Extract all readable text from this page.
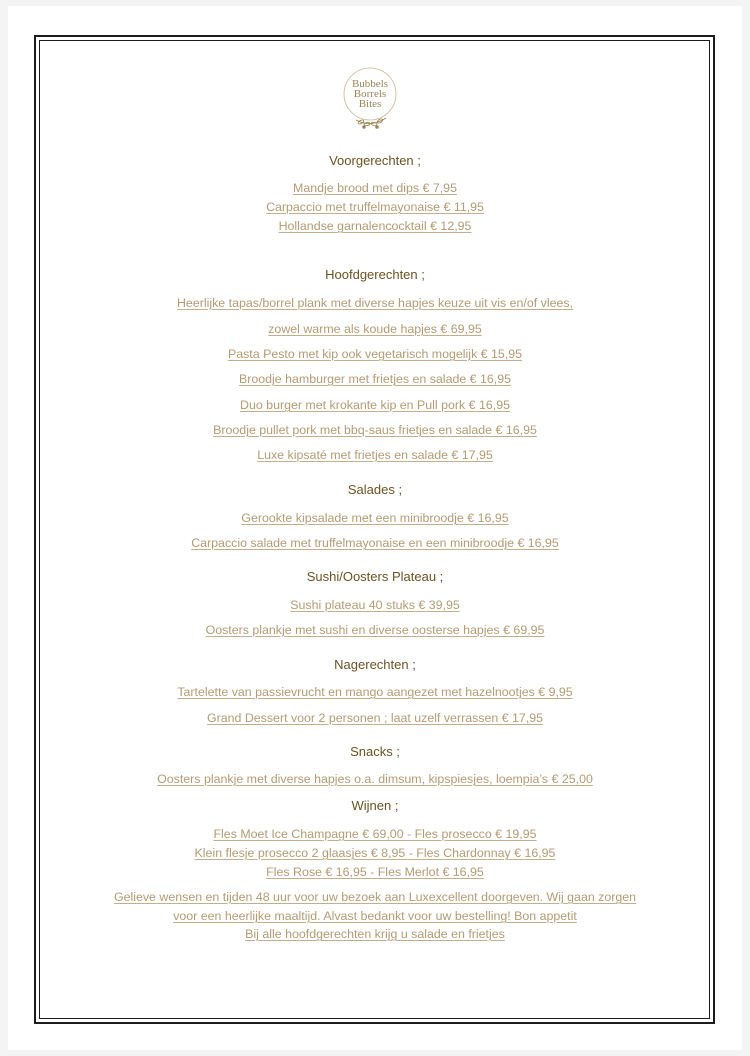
Bubbels
Borrels
Bites
Voorgerechten ;
Mandje brood met dips € 7,95
Carpaccio met truffelmayonaise € 11,95
Hollandse garnalencocktail € 12,95
Hoofdgerechten ;
Heerlijke tapas/borrel plank met diverse hapjes keuze uit vis en/of vlees,
zowel warme als koude hapjes € 69,95
Pasta Pesto met kip ook vegetarisch mogelijk € 15,95
Broodje hamburger met frietjes en salade € 16,95
Duo burger met krokante kip en Pull pork € 16,95
Broodje pullet pork met bbq-saus frietjes en salade € 16,95
Luxe kipsaté met frietjes en salade € 17,95
Salades ;
Gerookte kipsalade met een minibroodje € 16,95
Carpaccio salade met truffelmayonaise en een minibroodje € 16,95
Sushi/Oosters Plateau ;
Sushi plateau 40 stuks € 39,95
Oosters plankje met sushi en diverse oosterse hapjes € 69,95
Nagerechten ;
Tartelette van passievrucht en mango aangezet met hazelnootjes € 9,95
Grand Dessert voor 2 personen ; laat uzelf verrassen € 17,95
Snacks ;
Oosters plankje met diverse hapjes o.a. dimsum, kipspiesjes, loempia’s € 25,00
Wijnen ;
Fles Moet Ice Champagne € 69,00 - Fles prosecco € 19,95
Klein flesje prosecco 2 glaasjes € 8,95 - Fles Chardonnay € 16,95
Fles Rose € 16,95 - Fles Merlot € 16,95
Gelieve wensen en tijden 48 uur voor uw bezoek aan Luxexcellent doorgeven. Wij gaan zorgen
voor een heerlijke maaltijd. Alvast bedankt voor uw bestelling! Bon appetit
Bij alle hoofdgerechten krijg u salade en frietjes
